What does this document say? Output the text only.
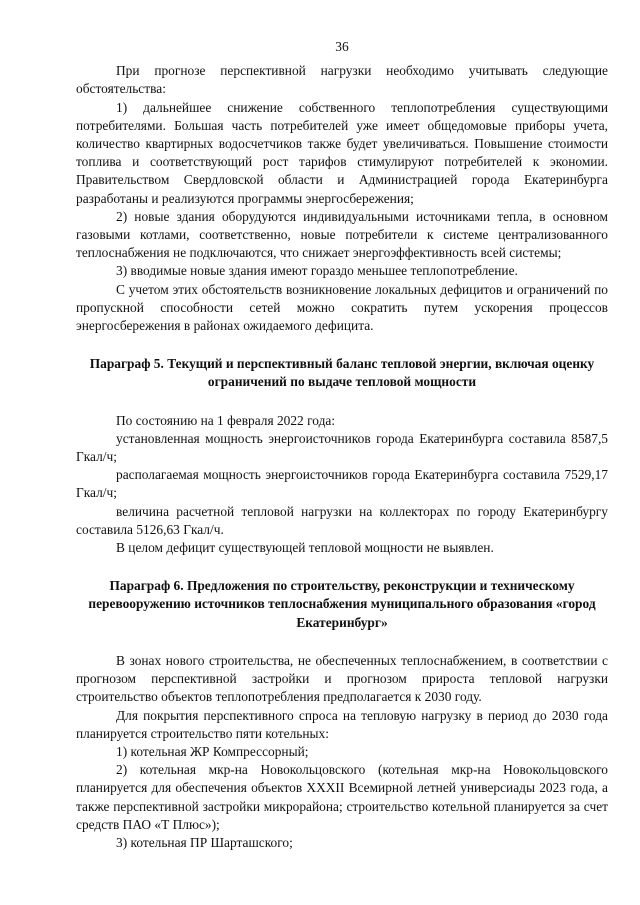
36

При прогнозе перспективной нагрузки необходимо учитывать следующие обстоятельства:

1) дальнейшее снижение собственного теплопотребления существующими потребителями. Большая часть потребителей уже имеет общедомовые приборы учета, количество квартирных водосчетчиков также будет увеличиваться. Повышение стоимости топлива и соответствующий рост тарифов стимулируют потребителей к экономии. Правительством Свердловской области и Администрацией города Екатеринбурга разработаны и реализуются программы энергосбережения;

2) новые здания оборудуются индивидуальными источниками тепла, в основном газовыми котлами, соответственно, новые потребители к системе централизованного теплоснабжения не подключаются, что снижает энергоэффективность всей системы;

3) вводимые новые здания имеют гораздо меньшее теплопотребление.

С учетом этих обстоятельств возникновение локальных дефицитов и ограничений по пропускной способности сетей можно сократить путем ускорения процессов энергосбережения в районах ожидаемого дефицита.

Параграф 5. Текущий и перспективный баланс тепловой энергии, включая оценку ограничений по выдаче тепловой мощности

По состоянию на 1 февраля 2022 года:

установленная мощность энергоисточников города Екатеринбурга составила 8587,5 Гкал/ч;

располагаемая мощность энергоисточников города Екатеринбурга составила 7529,17 Гкал/ч;

величина расчетной тепловой нагрузки на коллекторах по городу Екатеринбургу составила 5126,63 Гкал/ч.

В целом дефицит существующей тепловой мощности не выявлен.

Параграф 6. Предложения по строительству, реконструкции и техническому перевооружению источников теплоснабжения муниципального образования «город Екатеринбург»

В зонах нового строительства, не обеспеченных теплоснабжением, в соответствии с прогнозом перспективной застройки и прогнозом прироста тепловой нагрузки строительство объектов теплопотребления предполагается к 2030 году.

Для покрытия перспективного спроса на тепловую нагрузку в период до 2030 года планируется строительство пяти котельных:

1) котельная ЖР Компрессорный;

2) котельная мкр-на Новокольцовского (котельная мкр-на Новокольцовского планируется для обеспечения объектов XXXII Всемирной летней универсиады 2023 года, а также перспективной застройки микрорайона; строительство котельной планируется за счет средств ПАО «Т Плюс»);

3) котельная ПР Шарташского;
